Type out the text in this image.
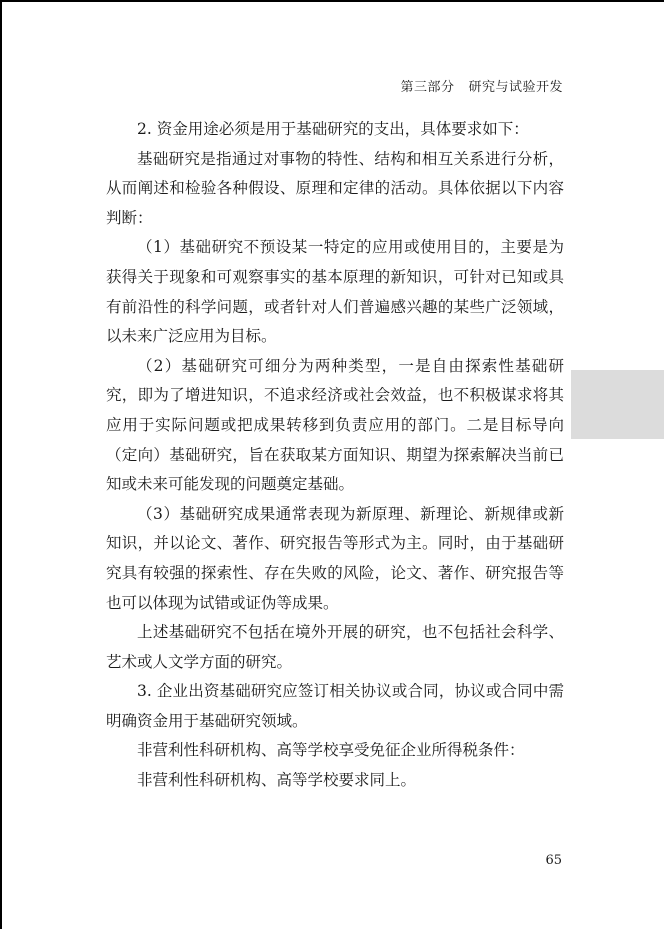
第三部分 研究与试验开发

2. 资金用途必须是用于基础研究的支出，具体要求如下：

基础研究是指通过对事物的特性、结构和相互关系进行分析，从而阐述和检验各种假设、原理和定律的活动。具体依据以下内容判断：

（1）基础研究不预设某一特定的应用或使用目的，主要是为获得关于现象和可观察事实的基本原理的新知识，可针对已知或具有前沿性的科学问题，或者针对人们普遍感兴趣的某些广泛领域，以未来广泛应用为目标。

（2）基础研究可细分为两种类型，一是自由探索性基础研究，即为了增进知识，不追求经济或社会效益，也不积极谋求将其应用于实际问题或把成果转移到负责应用的部门。二是目标导向（定向）基础研究，旨在获取某方面知识、期望为探索解决当前已知或未来可能发现的问题奠定基础。

（3）基础研究成果通常表现为新原理、新理论、新规律或新知识，并以论文、著作、研究报告等形式为主。同时，由于基础研究具有较强的探索性、存在失败的风险，论文、著作、研究报告等也可以体现为试错或证伪等成果。

上述基础研究不包括在境外开展的研究，也不包括社会科学、艺术或人文学方面的研究。

3. 企业出资基础研究应签订相关协议或合同，协议或合同中需明确资金用于基础研究领域。

非营利性科研机构、高等学校享受免征企业所得税条件：

非营利性科研机构、高等学校要求同上。

65
